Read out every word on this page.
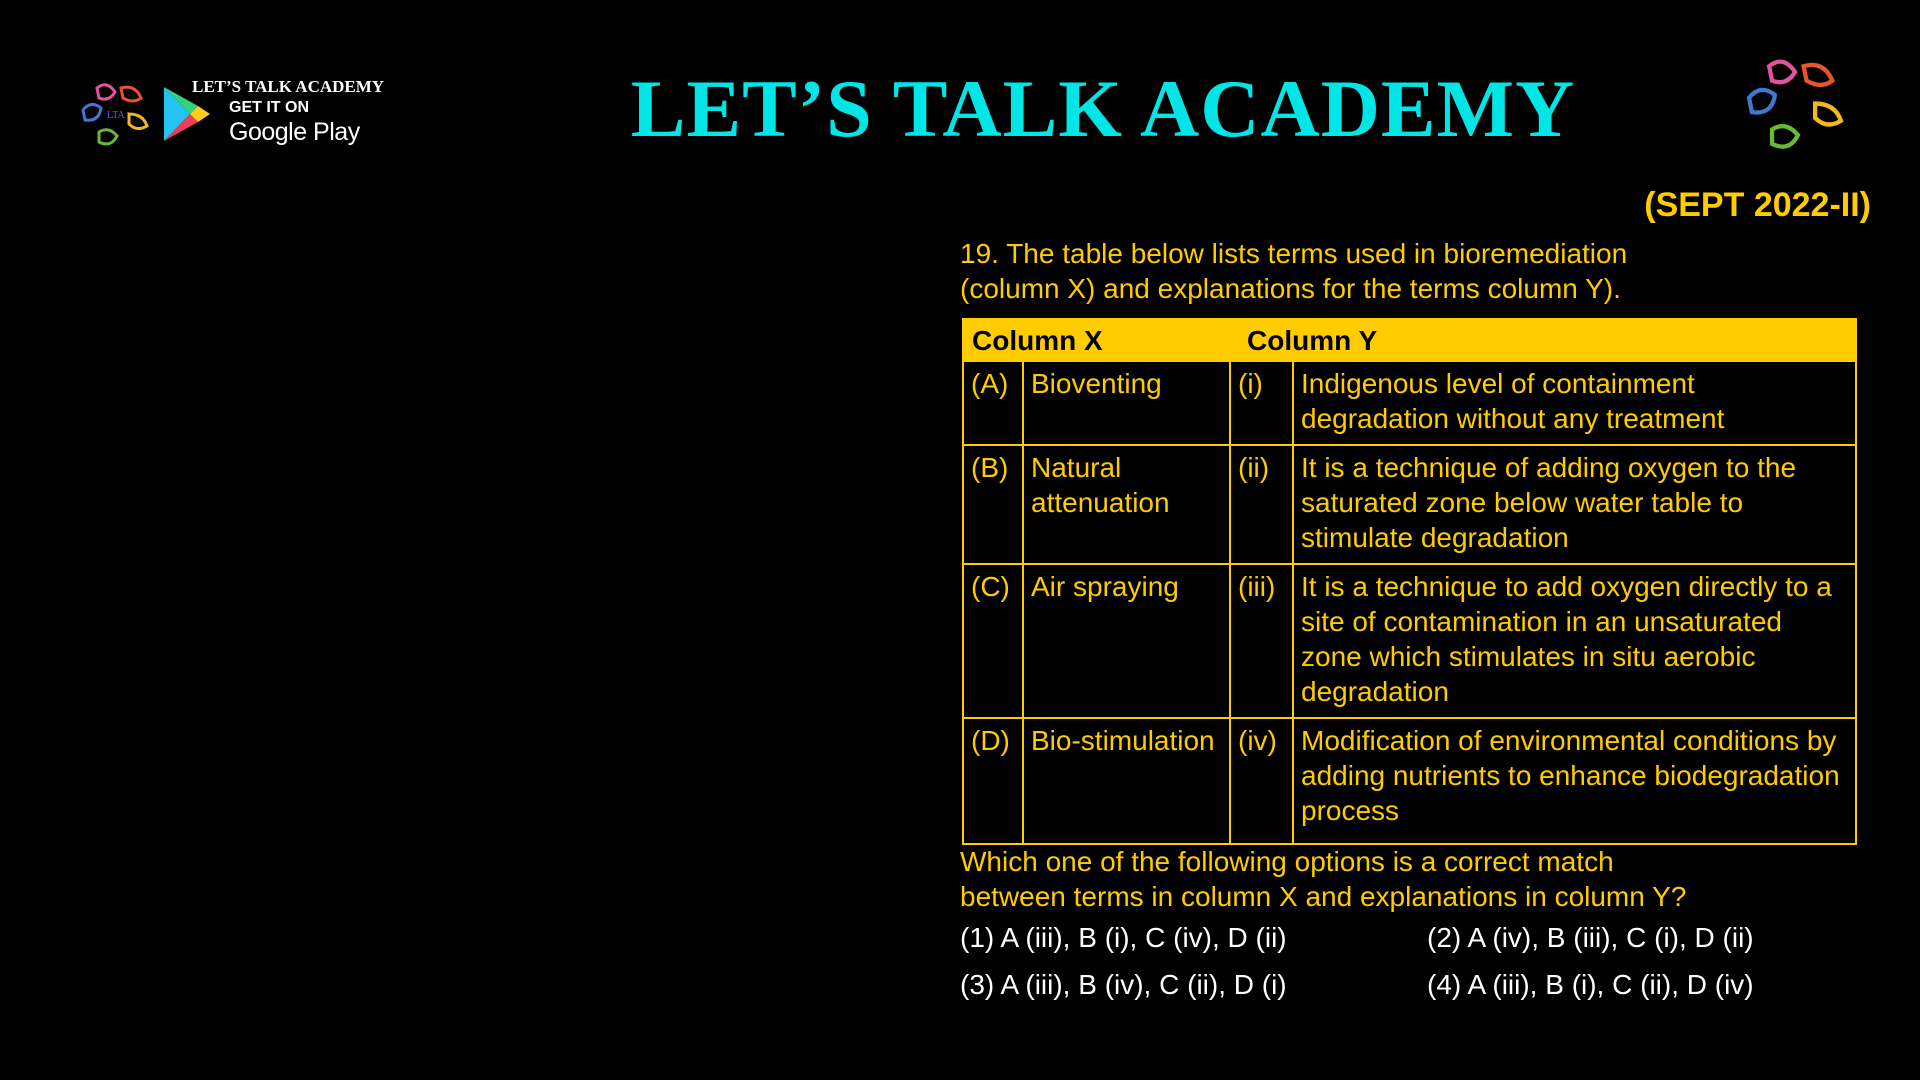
LTA
LET’S TALK ACADEMY
GET IT ON
Google Play	LET’S TALK ACADEMY
(SEPT 2022-II)
19. The table below lists terms used in bioremediation
(column X) and explanations for the terms column Y).
Column X		Column Y	
(A)	Bioventing	(i)	Indigenous level of containment degradation without any treatment
(B)	Natural attenuation	(ii)	It is a technique of adding oxygen to the saturated zone below water table to stimulate degradation
(C)	Air spraying	(iii)	It is a technique to add oxygen directly to a site of contamination in an unsaturated zone which stimulates in situ aerobic degradation
(D)	Bio-stimulation	(iv)	Modification of environmental conditions by adding nutrients to enhance biodegradation process
Which one of the following options is a correct match
between terms in column X and explanations in column Y?
(1) A (iii), B (i), C (iv), D (ii)	(2) A (iv), B (iii), C (i), D (ii)
(3) A (iii), B (iv), C (ii), D (i)	(4) A (iii), B (i), C (ii), D (iv)
